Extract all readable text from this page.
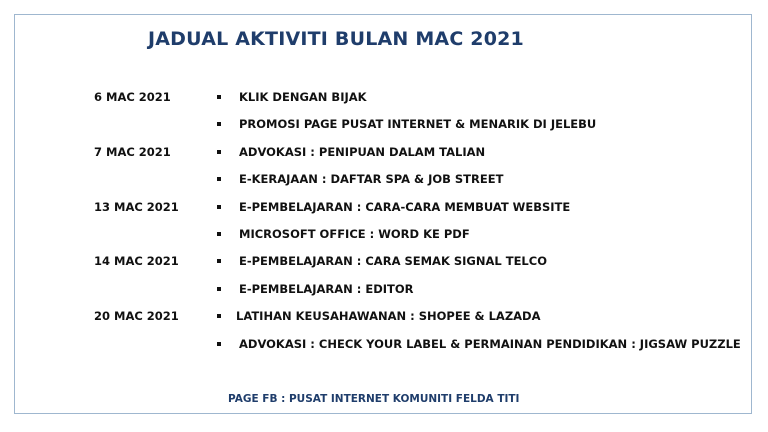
JADUAL AKTIVITI BULAN MAC 2021
6 MAC 2021	KLIK DENGAN BIJAK
PROMOSI PAGE PUSAT INTERNET & MENARIK DI JELEBU
7 MAC 2021	ADVOKASI : PENIPUAN DALAM TALIAN
E-KERAJAAN : DAFTAR SPA & JOB STREET
13 MAC 2021	E-PEMBELAJARAN : CARA-CARA MEMBUAT WEBSITE
MICROSOFT OFFICE : WORD KE PDF
14 MAC 2021	E-PEMBELAJARAN : CARA SEMAK SIGNAL TELCO
E-PEMBELAJARAN : EDITOR
20 MAC 2021	LATIHAN KEUSAHAWANAN : SHOPEE & LAZADA
ADVOKASI : CHECK YOUR LABEL & PERMAINAN PENDIDIKAN : JIGSAW PUZZLE
PAGE FB : PUSAT INTERNET KOMUNITI FELDA TITI
